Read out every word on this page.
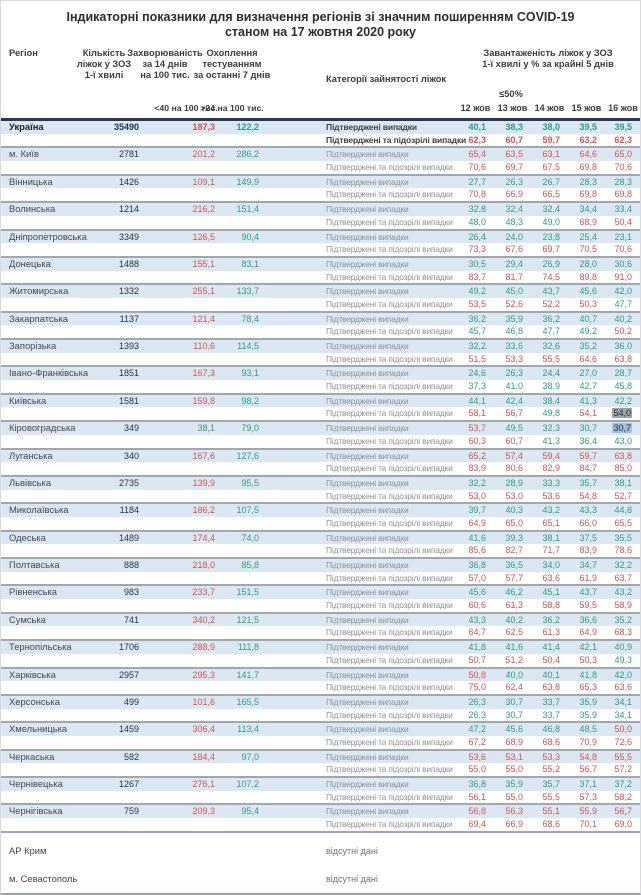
Індикаторні показники для визначення регіонів зі значним поширенням COVID-19
станом на 17 жовтня 2020 року
Регіон	Кількість
ліжок у ЗОЗ
1-ї хвилі
Захворюваність
за 14 днів
на 100 тис.
Охоплення
тестуванням
за останні 7 днів	Категорії зайнятості ліжок
Завантаженість ліжок у ЗОЗ
1-ї хвилі у % за крайні 5 днів
≤50%
<40 на 100 тис.
>24 на 100 тис.	12 жов 13 жов 14 жов 15 жов 16 жов
Україна	35490	187,3	122,2	Підтверджені випадки	40,1	38,3	38,0	39,5	39,5
Підтверджені та підозрілі випадки 62,3	60,7	59,7	63,2	62,3
м. Київ	2781	201,2	286,2	Підтверджені випадки	65,4	63,5	63,1	64,6	65,0
Підтверджені та підозрілі випадки	70,6	69,7	67,5	69,8	70,6
Вінницька	1426	109,1	149,9	Підтверджені випадки	27,7	26,3	26,7	28,3	28,3
Підтверджені та підозрілі випадки	70,8	66,9	66,5	69,8	69,8
Волинська	1214	216,2	151,4	Підтверджені випадки	32,8	32,4	32,4	34,4	33,4
Підтверджені та підозрілі випадки	48,0	48,3	49,0	68,9	50,4
Дніпропетровська	3349	126,5	90,4	Підтверджені випадки	26,4	24,0	23,8	25,4	23,1
Підтверджені та підозрілі випадки	73,3	67,6	69,7	70,5	70,6
Донецька	1488	155,1	83,1	Підтверджені випадки	30,5	29,4	26,9	28,0	30,6
Підтверджені та підозрілі випадки	83,7	81,7	74,5	89,8	91,0
Житомирська	1332	255,1	133,7	Підтверджені випадки	49,2	45,0	43,7	45,6	42,0
Підтверджені та підозрілі випадки	53,5	52,6	52,2	50,3	47,7
Закарпатська	1137	121,4	78,4	Підтверджені випадки	36,2	35,9	36,2	40,7	40,2
Підтверджені та підозрілі випадки	45,7	46,8	47,7	49,2	50,2
Запорізька	1393	110,6	114,5	Підтверджені випадки	32,2	33,6	32,6	35,2	36,0
Підтверджені та підозрілі випадки	51,5	53,3	55,5	64,6	63,8
Івано-Франківська	1851	167,3	93,1	Підтверджені випадки	24,6	26,3	24,4	27,0	28,7
Підтверджені та підозрілі випадки	37,3	41,0	38,9	42,7	45,8
Київська	1581	159,8	98,2	Підтверджені випадки	44,1	42,4	38,4	41,3	42,2
Підтверджені та підозрілі випадки	58,1	56,7	49,8	54,1	54,0
Кіровоградська	349	38,1	79,0	Підтверджені випадки	53,7	49,5	32,3	30,7	30,7
Підтверджені та підозрілі випадки	60,3	60,7	41,3	36,4	43,0
Луганська	340	167,6	127,6	Підтверджені випадки	65,2	57,4	59,4	59,7	63,8
Підтверджені та підозрілі випадки	83,9	80,6	82,9	84,7	85,0
Львівська	2735	139,9	95,5	Підтверджені випадки	32,2	28,9	33,3	35,7	38,1
Підтверджені та підозрілі випадки	53,0	53,0	53,6	54,8	52,7
Миколаївська	1184	186,2	107,5	Підтверджені випадки	39,7	40,3	43,2	43,3	44,8
Підтверджені та підозрілі випадки	64,9	65,0	65,1	66,0	65,5
Одеська	1489	174,4	74,0	Підтверджені випадки	41,6	39,3	38,1	37,5	35,5
Підтверджені та підозрілі випадки	85,6	82,7	71,7	83,9	78,6
Полтавська	888	218,0	85,8	Підтверджені випадки	36,8	36,5	34,0	34,7	32,2
Підтверджені та підозрілі випадки	57,0	57,7	63,6	61,9	63,7
Рівненська	983	233,7	151,5	Підтверджені випадки	45,6	46,2	45,1	43,7	43,2
Підтверджені та підозрілі випадки	60,6	61,3	58,8	59,5	58,9
Сумська	741	340,2	121,5	Підтверджені випадки	43,3	40,2	36,2	36,6	35,2
Підтверджені та підозрілі випадки	64,7	62,5	61,3	64,9	68,3
Тернопільська	1706	288,9	111,8	Підтверджені випадки	41,8	41,6	41,4	42,1	40,9
Підтверджені та підозрілі випадки	50,7	51,2	50,4	50,3	49,3
Харківська	2957	295,3	141,7	Підтверджені випадки	50,8	40,0	40,1	41,8	42,0
Підтверджені та підозрілі випадки	75,0	62,4	63,8	65,3	63,6
Херсонська	499	101,6	165,5	Підтверджені випадки	26,3	30,7	33,7	35,9	34,1
Підтверджені та підозрілі випадки	26,3	30,7	33,7	35,9	34,1
Хмельницька	1459	306,4	113,4	Підтверджені випадки	47,2	45,6	46,8	48,5	50,0
Підтверджені та підозрілі випадки	67,2	68,9	68,6	70,9	72,6
Черкаська	582	184,4	97,0	Підтверджені випадки	53,6	53,1	53,3	54,8	55,5
Підтверджені та підозрілі випадки	55,0	55,0	55,2	56,7	57,2
Чернівецька	1267	276,1	107,2	Підтверджені випадки	36,8	35,9	35,7	37,1	37,2
Підтверджені та підозрілі випадки	56,1	55,0	55,5	57,3	58,2
Чернігівська	759	209,3	95,4	Підтверджені випадки	56,8	56,3	55,1	55,9	56,7
Підтверджені та підозрілі випадки	69,4	66,9	68,6	70,1	69,0
АР Крим	відсутні дані
м. Севастополь	відсутні дані
